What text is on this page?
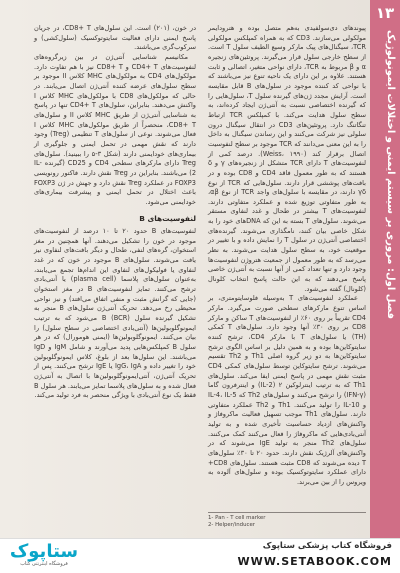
۱۳
فصل اول: مروری بر سیستم ایمنی و اختلالات ایمونولوژیک

پیوندهای دی‌سولفیدی به‌هم متصل بوده و هترودایمر مولکولی می‌سازند. CD3 که به همراه کمپلکس مولکولی TCR، سیگنال‌های پیک مارکر وسیع الطیف سلول T است. از سطح خارجی سلول قرار می‌گیرند. پروتئین‌های زنجیره α و β مربوط به TCR، دارای نواحی متغیر، اتصالی و ثابت هستند. علاوه بر این دارای یک ناحیه تنوع نیز می‌باشند که با نواحی کد کننده موجود در سلول‌های B قابل مقایسه است. آرایش مجدد ژن‌های گیرنده سلول T، سلول‌هایی را که گیرنده اختصاصی نسبت به آنتی‌ژن ایجاد کرده‌اند، به سطح سلول هدایت می‌کند. با کمپلکس TCR ارتباط تنگاتنگ دارد. پروتئین‌های CD3 در انتقال سیگنال درون سلولی نیز شرکت می‌کنند و این رساندن سیگنال به داخل را به این معنی می‌دانند که TCR موجود بر سطح لنفوسیت اتصال برقرار کند (Weiss، ۱۹۹۰). درصد کمی از لنفوسیت‌های T دارای TCR متشکل از زنجیره‌های γ و δ هستند که به طور معمول فاقد CD4 و CD8 بوده و در بافت‌های پوششی قرار دارند. سلول‌هایی که TCR از نوع γδ دارند، در مقایسه با سلول‌های واجد TCR از نوع αβ، به طور متفاوتی توزیع شده و عملکرد متفاوتی دارند. لنفوسیت‌های T بیشتر در طحال و غدد لنفاوی مستقر می‌شوند. سلول‌های T بسته به این که DNAهای خود را به شکل خاصی بیان کنند، نامگذاری می‌شوند. گیرنده‌های اختصاصی آنتی‌ژن در سلول T را نمایش داده و با تغییر در موقعیت خود، به سطح سلول هدایت می‌شوند. به نظر می‌رسد که به طور معمول از جمعیت هتروژن لنفوسیت‌ها وجود دارد و تنها تعداد کمی از آنها نسبت به آنتی‌ژن خاصی پاسخ می‌دهند که به این حالت پاسخ انتخاب کلونال (کلونال) گفته می‌شود.

عملکرد لنفوسیت‌های T به‌وسیله فلوسایتومتری، بر اساس تنوع مارکرهای سطحی صورت می‌گیرد. مارکر CD4 تقریباً بر روی ۶۰٪ از لنفوسیت‌های T ساکن و مارکر CD8 بر روی ۳۰٪ آنها وجود دارد. سلول‌های T کمکی (TH) یا سلول‌های T با مارکر CD4، ترشح کننده سایتوکاین‌ها بوده و به همین دلیل بر اساس الگوی ترشح سایتوکاین‌ها به دو زیر گروه اصلی Th1 و Th2 تقسیم می‌شوند. ترشح سایتوکاین توسط سلول‌های کمکی CD4 مثبت نقش مهمی در پاسخ ایمنی ایفا می‌کند. سلول‌های Th1 که به ترتیب اینترلوکین ۲ (IL-2) و اینترفرون گاما (IFN-γ) را ترشح می‌کنند و سلول‌های Th2 که IL-4، IL-5 و IL-10 را تولید می‌کنند. Th1 و Th2 عملکرد متفاوتی دارند. سلول‌های Th1 موجب تسهیل فعالیت ماکروفاژ و واکنش‌های ازدیاد حساسیت تأخیری شده و به تولید آنتی‌بادی‌هایی که ماکروفاژ را فعال می‌کنند کمک می‌کنند. سلول‌های Th2 منجر به تولید IgE می‌شوند که در واکنش‌های آلرژیک نقش دارند. حدود ۲۰ تا ۳۰٪ سلول‌های T دیده می‌شوند که CD8 مثبت هستند. سلول‌های CD8+ دارای عملکرد سایتوتوکسیک بوده و سلول‌های آلوده به ویروس را از بین می‌برند.

در خون، (۲۰۱) است. این سلول‌های CD8+ T، در جریان پاسخ ایمنی دارای فعالیت سایتوتوکسیک (سلول‌کشی) و سرکوب‌گری می‌باشند.

مکانیسم شناسایی آنتی‌ژن در بین زیرگروه‌های لنفوسیت‌های CD4+ T و CD8+ T نیز با هم تفاوت دارد. مولکول‌های CD4 به مولکول‌های MHC کلاس II موجود بر سطح سلول‌های عرضه کننده آنتی‌ژن اتصال می‌یابند. در حالی که مولکول‌های CD8 با مولکول‌های MHC کلاس I واکنش می‌دهند. بنابراین، سلول‌های CD4+ T تنها در پاسخ به شناسایی آنتی‌ژن از طریق MHC کلاس II و سلول‌های CD8+ T، منحصراً از طریق مولکول‌های MHC کلاس I فعال می‌شوند. نوعی از سلول‌های T تنظیمی (Treg) وجود دارند که نقش مهمی در تحمل ایمنی و جلوگیری از بیماری‌های خودایمنی دارند (شکل ۳-۵ را ببینید). سلول‌های Treg دارای مارکرهای سطحی CD4 و CD25 (گیرنده IL-2) می‌باشند. بنابراین در Treg نقش دارند. فاکتور رونویسی FOXP3 در عملکرد Treg نقش دارد و جهش در ژن FOXP3 باعث اختلال در تحمل ایمنی و پیشرفت بیماری‌های خودایمنی می‌شود.

لنفوسیت‌های B

لنفوسیت‌های B حدود ۲۰ تا ۱۰ درصد از لنفوسیت‌های موجود در خون را تشکیل می‌دهند. آنها همچنین در مغز استخوان، گره‌های لنفی، طحال و دیگر بافت‌های لنفاوی نیز یافت می‌شوند. سلول‌های B موجود در خون که در غدد لنفاوی یا فولیکول‌های لنفاوی این اندام‌ها تجمع می‌یابند، به‌عنوان سلول‌های پلاسما (plasma cell) یا آنتی‌بادی ترشح می‌کنند. تمایز لنفوسیت‌های B در مغز استخوان (جایی که گرانش مثبت و منفی اتفاق می‌افتد) و نیز نواحی محیطی رخ می‌دهد. تحریک آنتی‌ژن سلول‌های B منجر به تشکیل گیرنده سلول B (BCR) می‌شود که به ترتیب ایمونوگلوبولین‌ها (آنتی‌بادی اختصاصی در سطح سلول) را بیان می‌کنند. ایمونوگلوبولین‌ها (ایمنی هومورال) که در هر سلول B کمپلکس‌هایی پدید می‌آورند و شامل IgM و IgD می‌باشند. این سلول‌ها بعد از بلوغ، کلاس ایمونوگلوبولین خود را تغییر داده و IgG، IgA یا IgE ترشح می‌کنند. پس از تحریک آنتی‌ژن، آنتی‌ایمونوگلوبولین‌ها با اتصال به آنتی‌ژن فعال شده و به سلول‌های پلاسما تمایز می‌یابند. هر سلول B فقط یک نوع آنتی‌بادی با ویژگی منحصر به فرد تولید می‌کند.

1- Pan - T cell marker
2- Helper/inducer
ستاپوک
فروشگاه اینترنتی کتاب
فروشگاه کتاب پزشکی ستاپوک
WWW.SETABOOK.COM
